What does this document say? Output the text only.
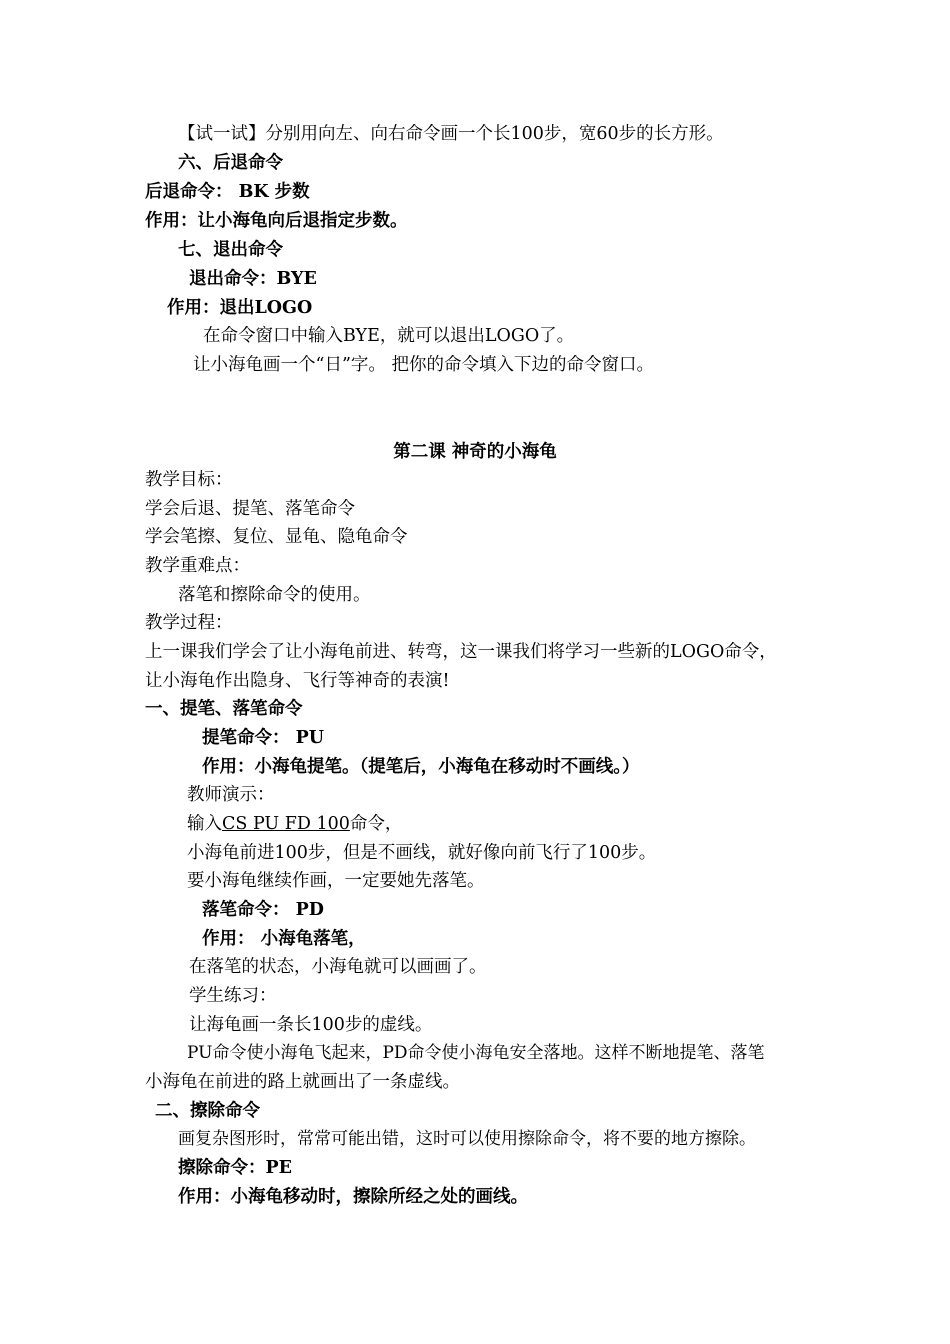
【试一试】分别用向左、向右命令画一个长100步，宽60步的长方形。
六、后退命令
后退命令： BK 步数
作用：让小海龟向后退指定步数。
七、退出命令
退出命令：BYE
作用：退出LOGO
在命令窗口中输入BYE，就可以退出LOGO了。
让小海龟画一个“日”字。 把你的命令填入下边的命令窗口。
第二课 神奇的小海龟
教学目标：
学会后退、提笔、落笔命令
学会笔擦、复位、显龟、隐龟命令
教学重难点：
落笔和擦除命令的使用。
教学过程：
上一课我们学会了让小海龟前进、转弯，这一课我们将学习一些新的LOGO命令，
让小海龟作出隐身、飞行等神奇的表演!
一、提笔、落笔命令
提笔命令： PU
作用：小海龟提笔。（提笔后，小海龟在移动时不画线。）
教师演示：
输入CS PU FD 100命令，
小海龟前进100步，但是不画线，就好像向前飞行了100步。
要小海龟继续作画，一定要她先落笔。
落笔命令： PD
作用： 小海龟落笔，
在落笔的状态，小海龟就可以画画了。
学生练习：
让海龟画一条长100步的虚线。
PU命令使小海龟飞起来，PD命令使小海龟安全落地。这样不断地提笔、落笔
小海龟在前进的路上就画出了一条虚线。
二、擦除命令
画复杂图形时，常常可能出错，这时可以使用擦除命令，将不要的地方擦除。
擦除命令：PE
作用：小海龟移动时，擦除所经之处的画线。
